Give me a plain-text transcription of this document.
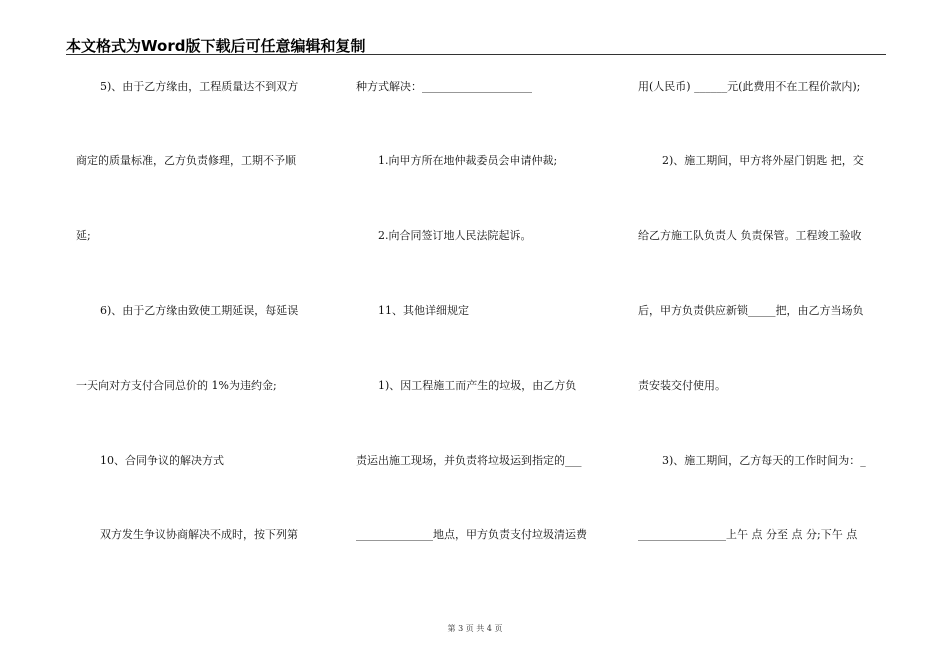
本文格式为Word版下载后可任意编辑和复制
5)、由于乙方缘由，工程质量达不到双方
商定的质量标准，乙方负责修理，工期不予顺
延;
6)、由于乙方缘由致使工期延误，每延误
一天向对方支付合同总价的 1%为违约金;
10、合同争议的解决方式
双方发生争议协商解决不成时，按下列第
种方式解决：____________________
1.向甲方所在地仲裁委员会申请仲裁;
2.向合同签订地人民法院起诉。
11、其他详细规定
1)、因工程施工而产生的垃圾，由乙方负
责运出施工现场，并负责将垃圾运到指定的___
______________地点，甲方负责支付垃圾清运费
用(人民币) ______元(此费用不在工程价款内);
2)、施工期间，甲方将外屋门钥匙 把，交
给乙方施工队负责人 负责保管。工程竣工验收
后，甲方负责供应新锁_____把，由乙方当场负
责安装交付使用。
3)、施工期间，乙方每天的工作时间为：_
________________上午 点 分至 点 分;下午 点
第 3 页 共 4 页
